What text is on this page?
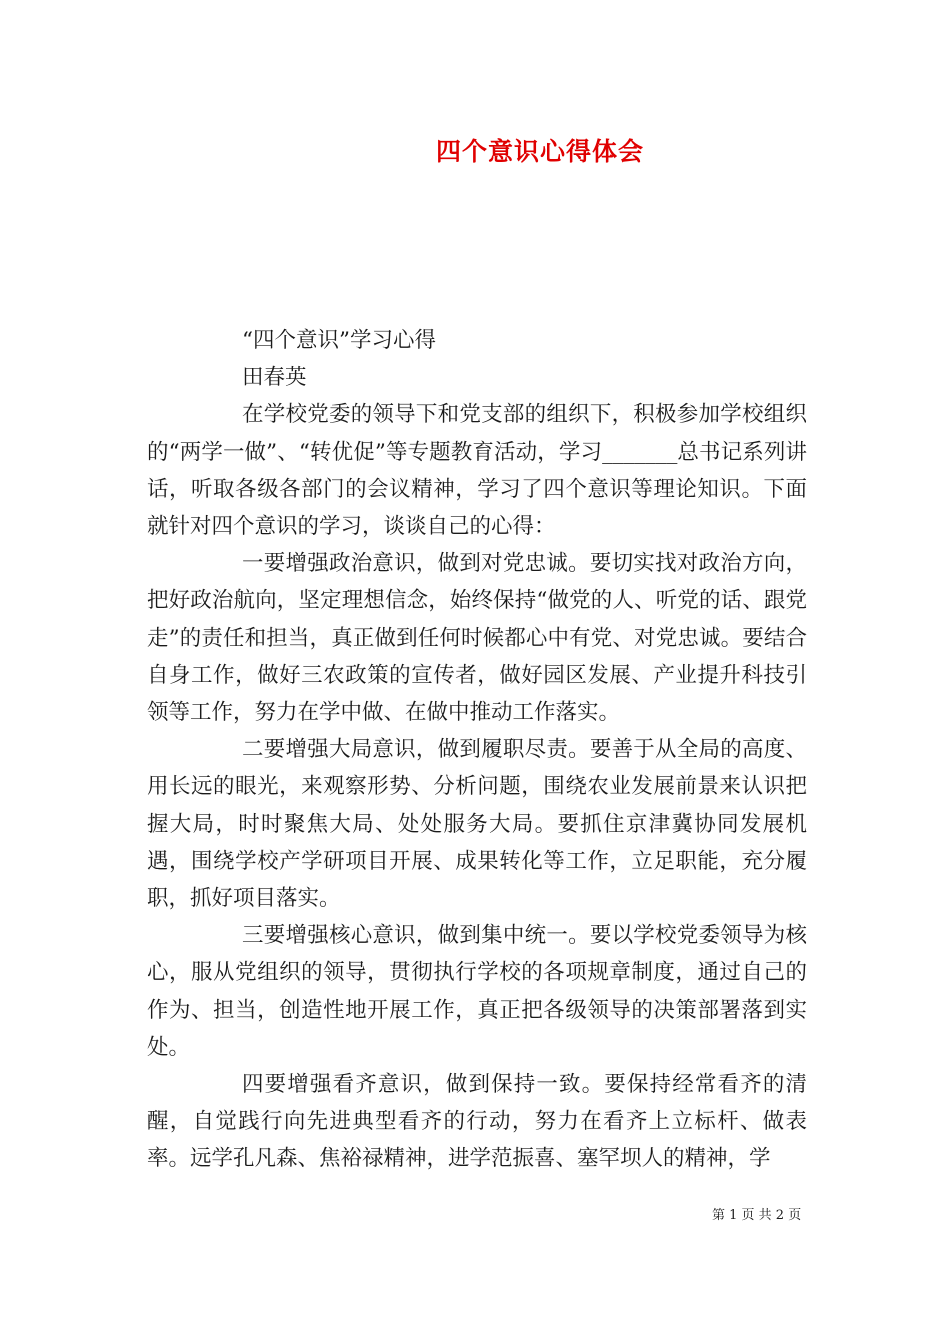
四个意识心得体会
“四个意识”学习心得
田春英

在学校党委的领导下和党支部的组织下，积极参加学校组织的“两学一做”、“转优促”等专题教育活动，学习_______总书记系列讲话，听取各级各部门的会议精神，学习了四个意识等理论知识。下面就针对四个意识的学习，谈谈自己的心得：

一要增强政治意识，做到对党忠诚。要切实找对政治方向，把好政治航向，坚定理想信念，始终保持“做党的人、听党的话、跟党走”的责任和担当，真正做到任何时候都心中有党、对党忠诚。要结合自身工作，做好三农政策的宣传者，做好园区发展、产业提升科技引领等工作，努力在学中做、在做中推动工作落实。

二要增强大局意识，做到履职尽责。要善于从全局的高度、用长远的眼光，来观察形势、分析问题，围绕农业发展前景来认识把握大局，时时聚焦大局、处处服务大局。要抓住京津冀协同发展机遇，围绕学校产学研项目开展、成果转化等工作，立足职能，充分履职，抓好项目落实。

三要增强核心意识，做到集中统一。要以学校党委领导为核心，服从党组织的领导，贯彻执行学校的各项规章制度，通过自己的作为、担当，创造性地开展工作，真正把各级领导的决策部署落到实处。

四要增强看齐意识，做到保持一致。要保持经常看齐的清醒，自觉践行向先进典型看齐的行动，努力在看齐上立标杆、做表率。远学孔凡森、焦裕禄精神，进学范振喜、塞罕坝人的精神，学

第 1 页 共 2 页
